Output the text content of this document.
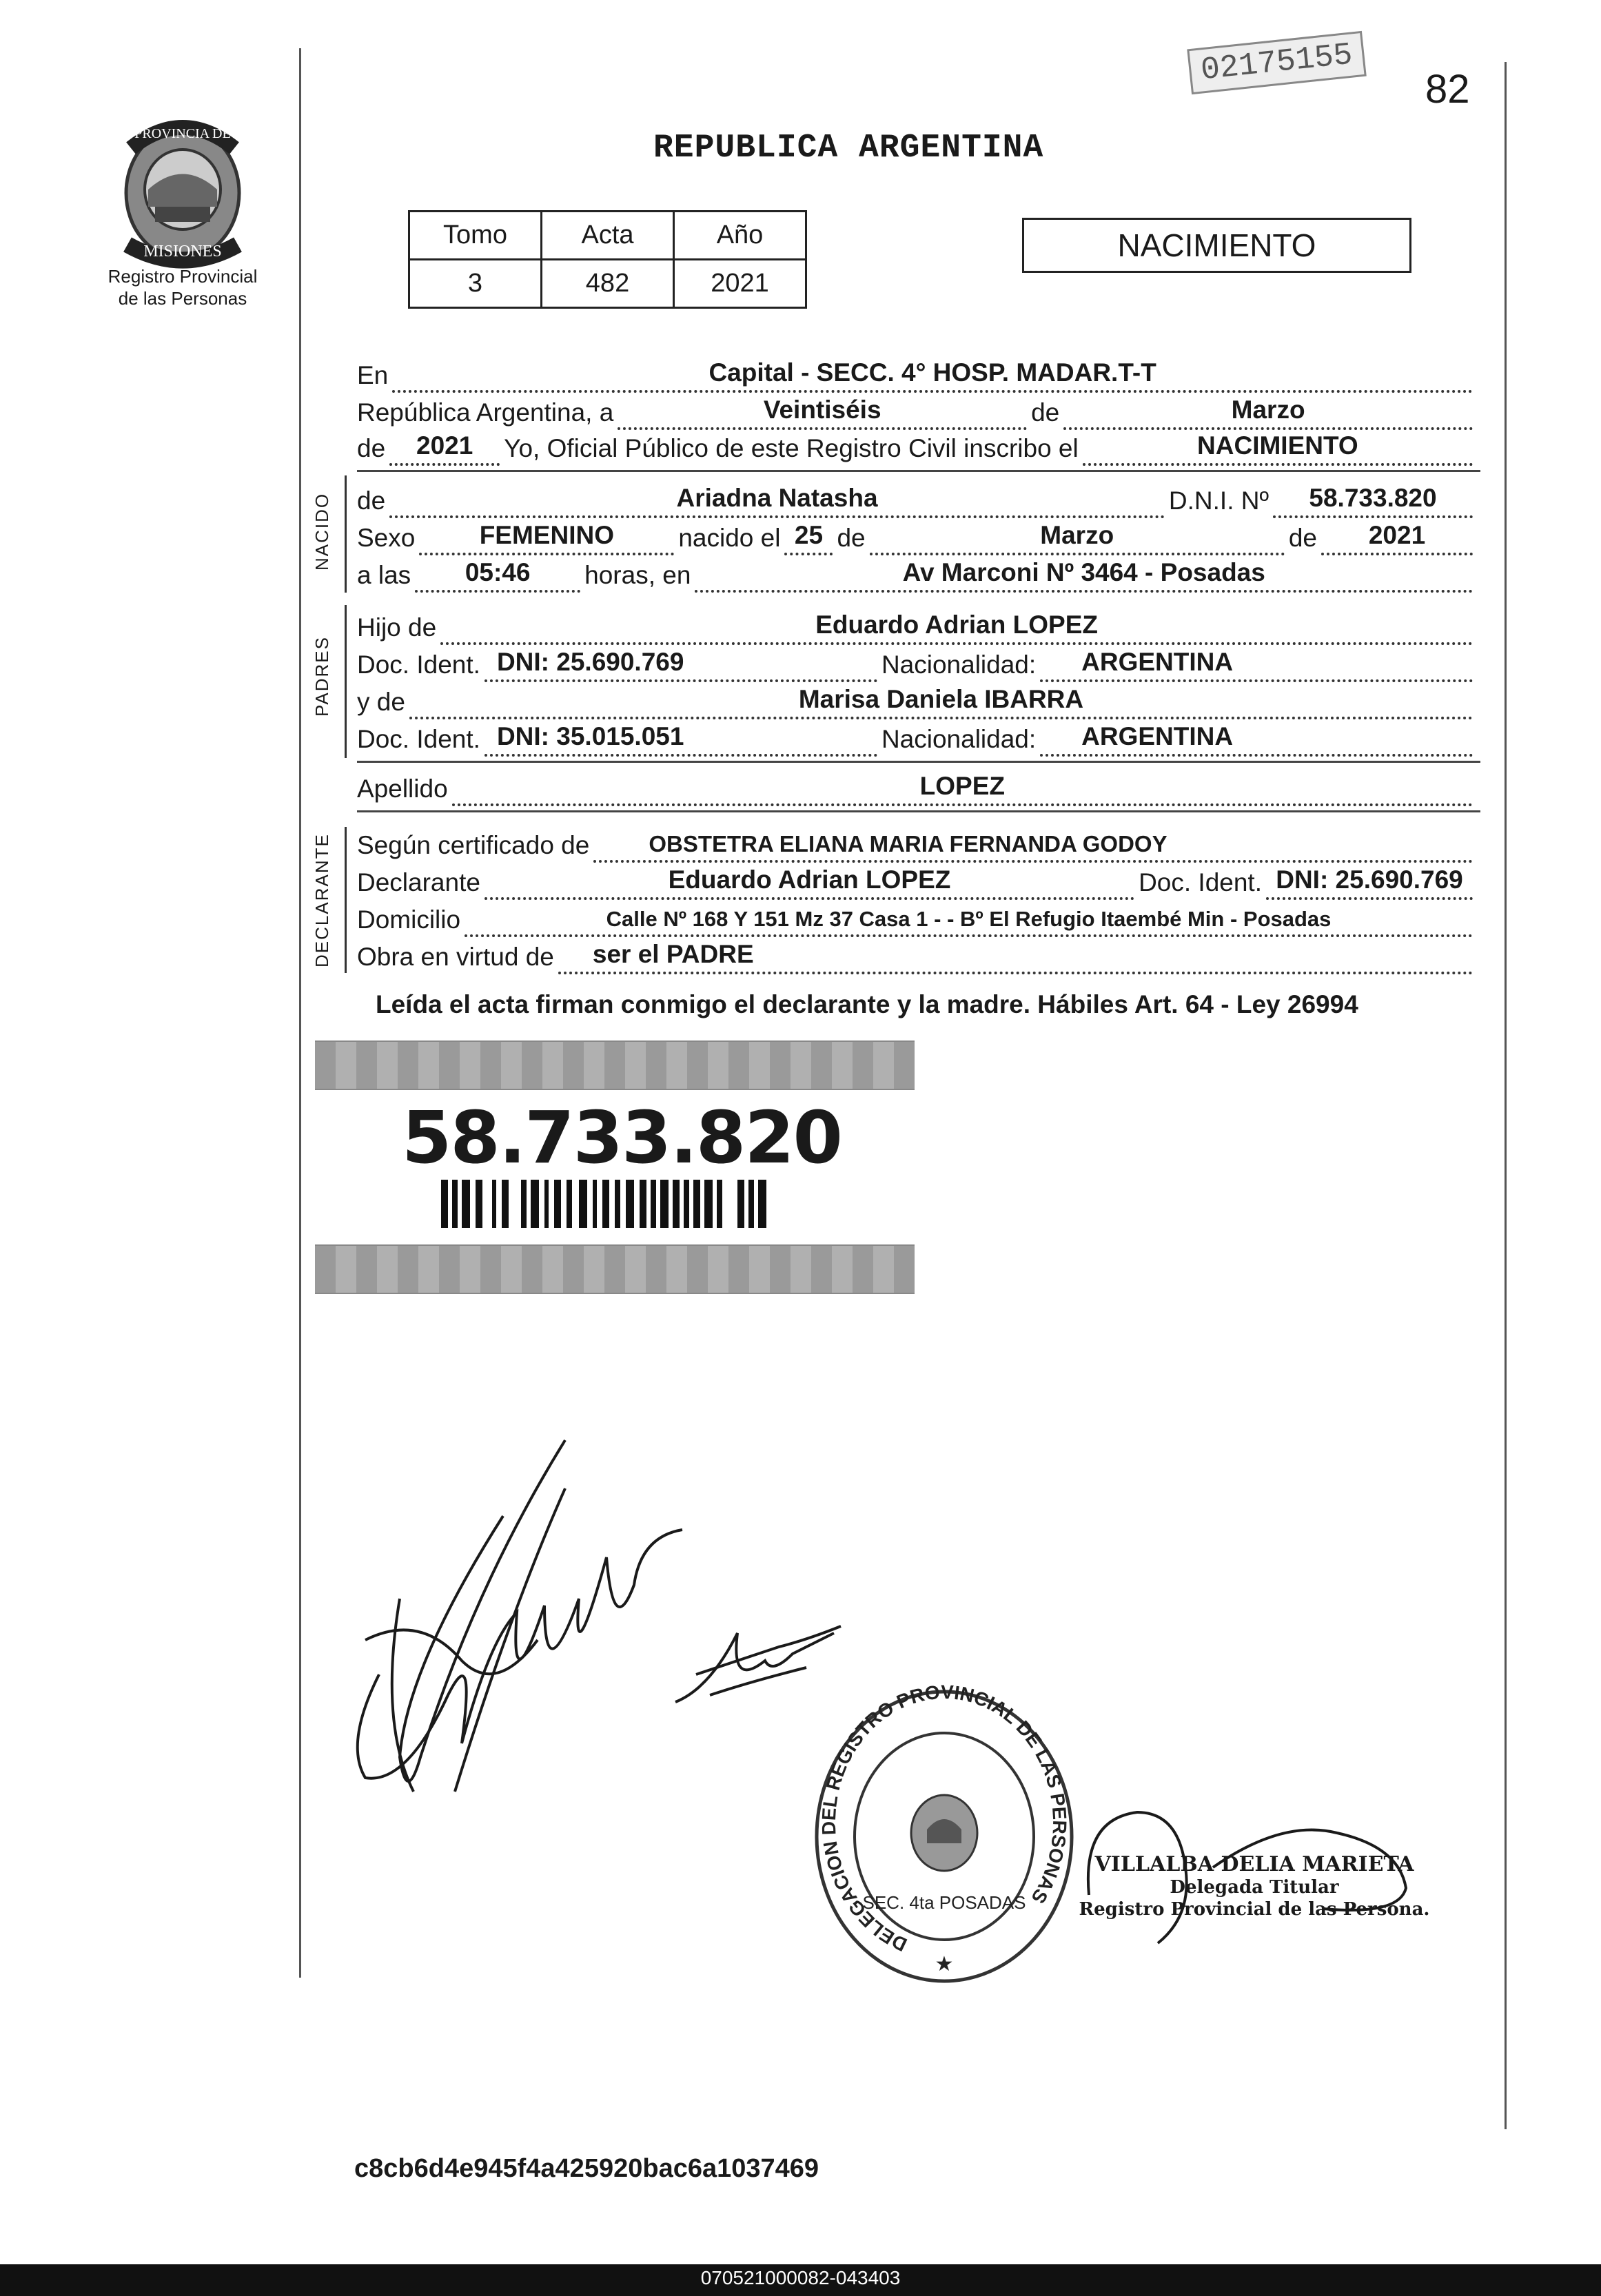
PROVINCIA DE
MISIONES
Registro Provincial
de las Personas
REPUBLICA ARGENTINA
02175155
82
Tomo	Acta	Año
3	482	2021
NACIMIENTO
En	Capital - SECC. 4° HOSP. MADAR.T-T
República Argentina, a	Veintiséis	de	Marzo
de	2021	Yo, Oficial Público de este Registro Civil inscribo el	NACIMIENTO
NACIDO de	Ariadna Natasha	D.N.I. Nº	58.733.820
Sexo	FEMENINO	nacido el 25 de	Marzo	de	2021
a las	05:46	horas, en	Av Marconi Nº 3464 - Posadas
PADRES
Hijo de	Eduardo Adrian LOPEZ
Doc. Ident. DNI: 25.690.769	Nacionalidad:	ARGENTINA
y de	Marisa Daniela IBARRA
Doc. Ident. DNI: 35.015.051	Nacionalidad:	ARGENTINA
Apellido	LOPEZ
DECLARANTE Según certificado de	OBSTETRA ELIANA MARIA FERNANDA GODOY
Declarante	Eduardo Adrian LOPEZ	Doc. Ident. DNI: 25.690.769
Domicilio	Calle Nº 168 Y 151 Mz 37 Casa 1 - - Bº El Refugio Itaembé Min - Posadas
Obra en virtud de	ser el PADRE
Leída el acta firman conmigo el declarante y la madre. Hábiles Art. 64 - Ley 26994
58.733.820
DELEGACION DEL REGISTRO PROVINCIAL DE LAS PERSONAS
SEC. 4ta POSADAS
★
VILLALBA DELIA MARIETA
Delegada Titular
Registro Provincial de las Persona.
c8cb6d4e945f4a425920bac6a1037469
070521000082-043403
